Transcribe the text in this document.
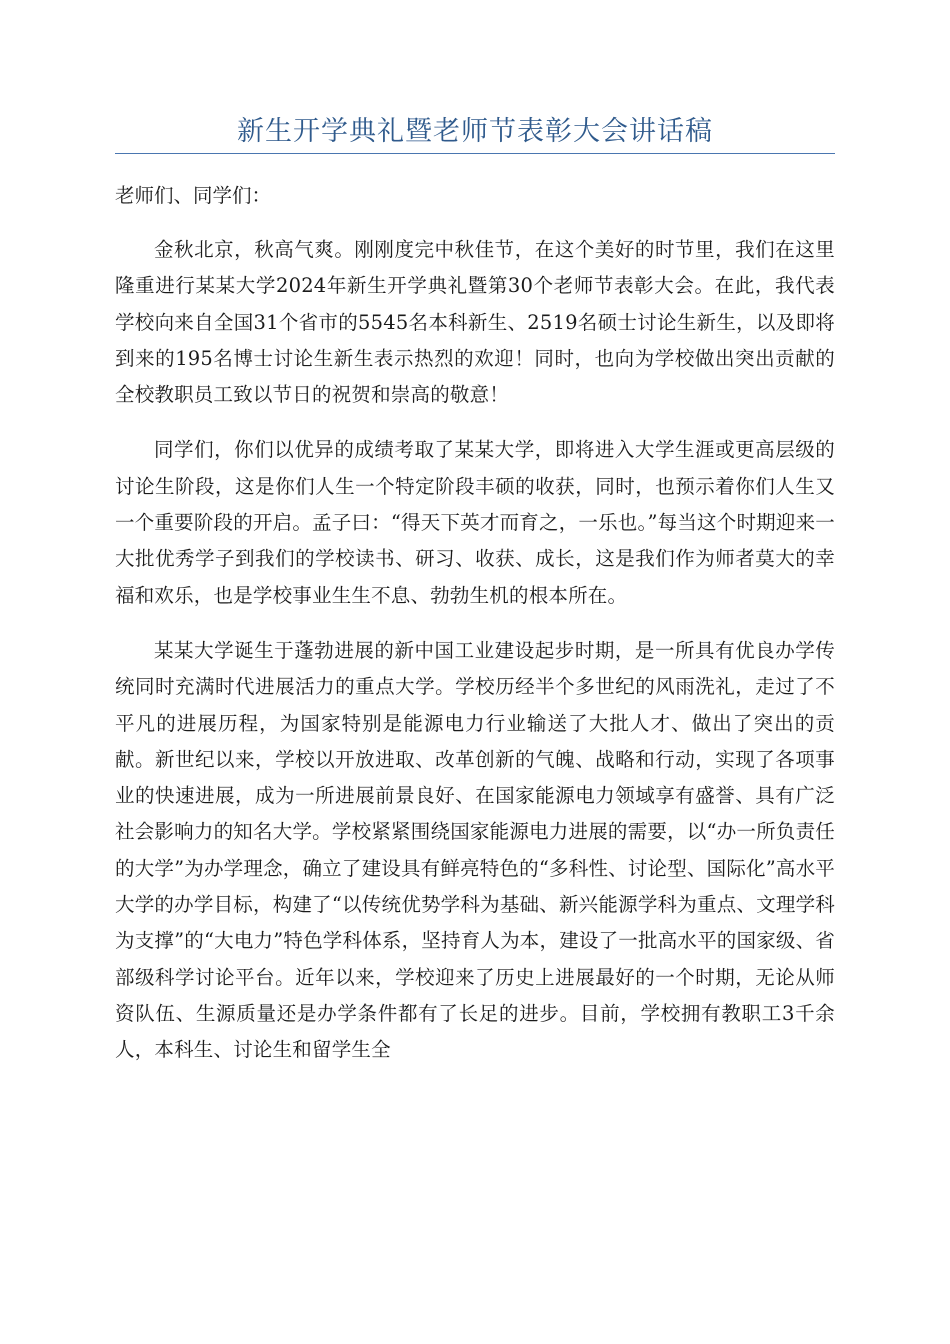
新生开学典礼暨老师节表彰大会讲话稿

老师们、同学们：

金秋北京，秋高气爽。刚刚度完中秋佳节，在这个美好的时节里，我们在这里隆重进行某某大学2024年新生开学典礼暨第30个老师节表彰大会。在此，我代表学校向来自全国31个省市的5545名本科新生、2519名硕士讨论生新生，以及即将到来的195名博士讨论生新生表示热烈的欢迎！同时，也向为学校做出突出贡献的全校教职员工致以节日的祝贺和崇高的敬意！

同学们，你们以优异的成绩考取了某某大学，即将进入大学生涯或更高层级的讨论生阶段，这是你们人生一个特定阶段丰硕的收获，同时，也预示着你们人生又一个重要阶段的开启。孟子曰：“得天下英才而育之，一乐也。”每当这个时期迎来一大批优秀学子到我们的学校读书、研习、收获、成长，这是我们作为师者莫大的幸福和欢乐，也是学校事业生生不息、勃勃生机的根本所在。

某某大学诞生于蓬勃进展的新中国工业建设起步时期，是一所具有优良办学传统同时充满时代进展活力的重点大学。学校历经半个多世纪的风雨洗礼，走过了不平凡的进展历程，为国家特别是能源电力行业输送了大批人才、做出了突出的贡献。新世纪以来，学校以开放进取、改革创新的气魄、战略和行动，实现了各项事业的快速进展，成为一所进展前景良好、在国家能源电力领域享有盛誉、具有广泛社会影响力的知名大学。学校紧紧围绕国家能源电力进展的需要，以“办一所负责任的大学”为办学理念，确立了建设具有鲜亮特色的“多科性、讨论型、国际化”高水平大学的办学目标，构建了“以传统优势学科为基础、新兴能源学科为重点、文理学科为支撑”的“大电力”特色学科体系，坚持育人为本，建设了一批高水平的国家级、省部级科学讨论平台。近年以来，学校迎来了历史上进展最好的一个时期，无论从师资队伍、生源质量还是办学条件都有了长足的进步。目前，学校拥有教职工3千余人，本科生、讨论生和留学生全
